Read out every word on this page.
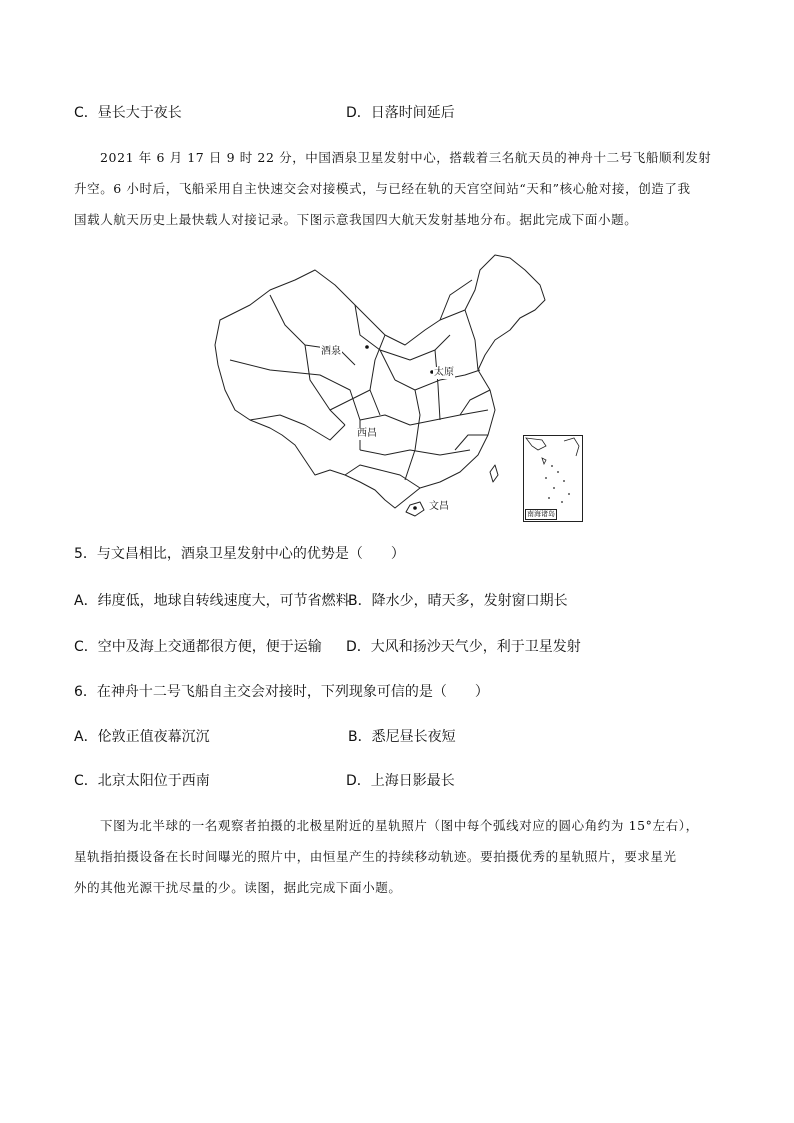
C．昼长大于夜长	D．日落时间延后
2021 年 6 月 17 日 9 时 22 分，中国酒泉卫星发射中心，搭载着三名航天员的神舟十二号飞船顺利发射
升空。6 小时后，飞船采用自主快速交会对接模式，与已经在轨的天宫空间站“天和”核心舱对接，创造了我
国载人航天历史上最快载人对接记录。下图示意我国四大航天发射基地分布。据此完成下面小题。
酒泉
太原
西昌
文昌
南海诸岛
5．与文昌相比，酒泉卫星发射中心的优势是（　　）
A．纬度低，地球自转线速度大，可节省燃料
B．降水少，晴天多，发射窗口期长
C．空中及海上交通都很方便，便于运输 D．大风和扬沙天气少，利于卫星发射
6．在神舟十二号飞船自主交会对接时，下列现象可信的是（　　）
A．伦敦正值夜幕沉沉	B．悉尼昼长夜短
C．北京太阳位于西南	D．上海日影最长
下图为北半球的一名观察者拍摄的北极星附近的星轨照片（图中每个弧线对应的圆心角约为 15°左右），
星轨指拍摄设备在长时间曝光的照片中，由恒星产生的持续移动轨迹。要拍摄优秀的星轨照片，要求星光
外的其他光源干扰尽量的少。读图，据此完成下面小题。
